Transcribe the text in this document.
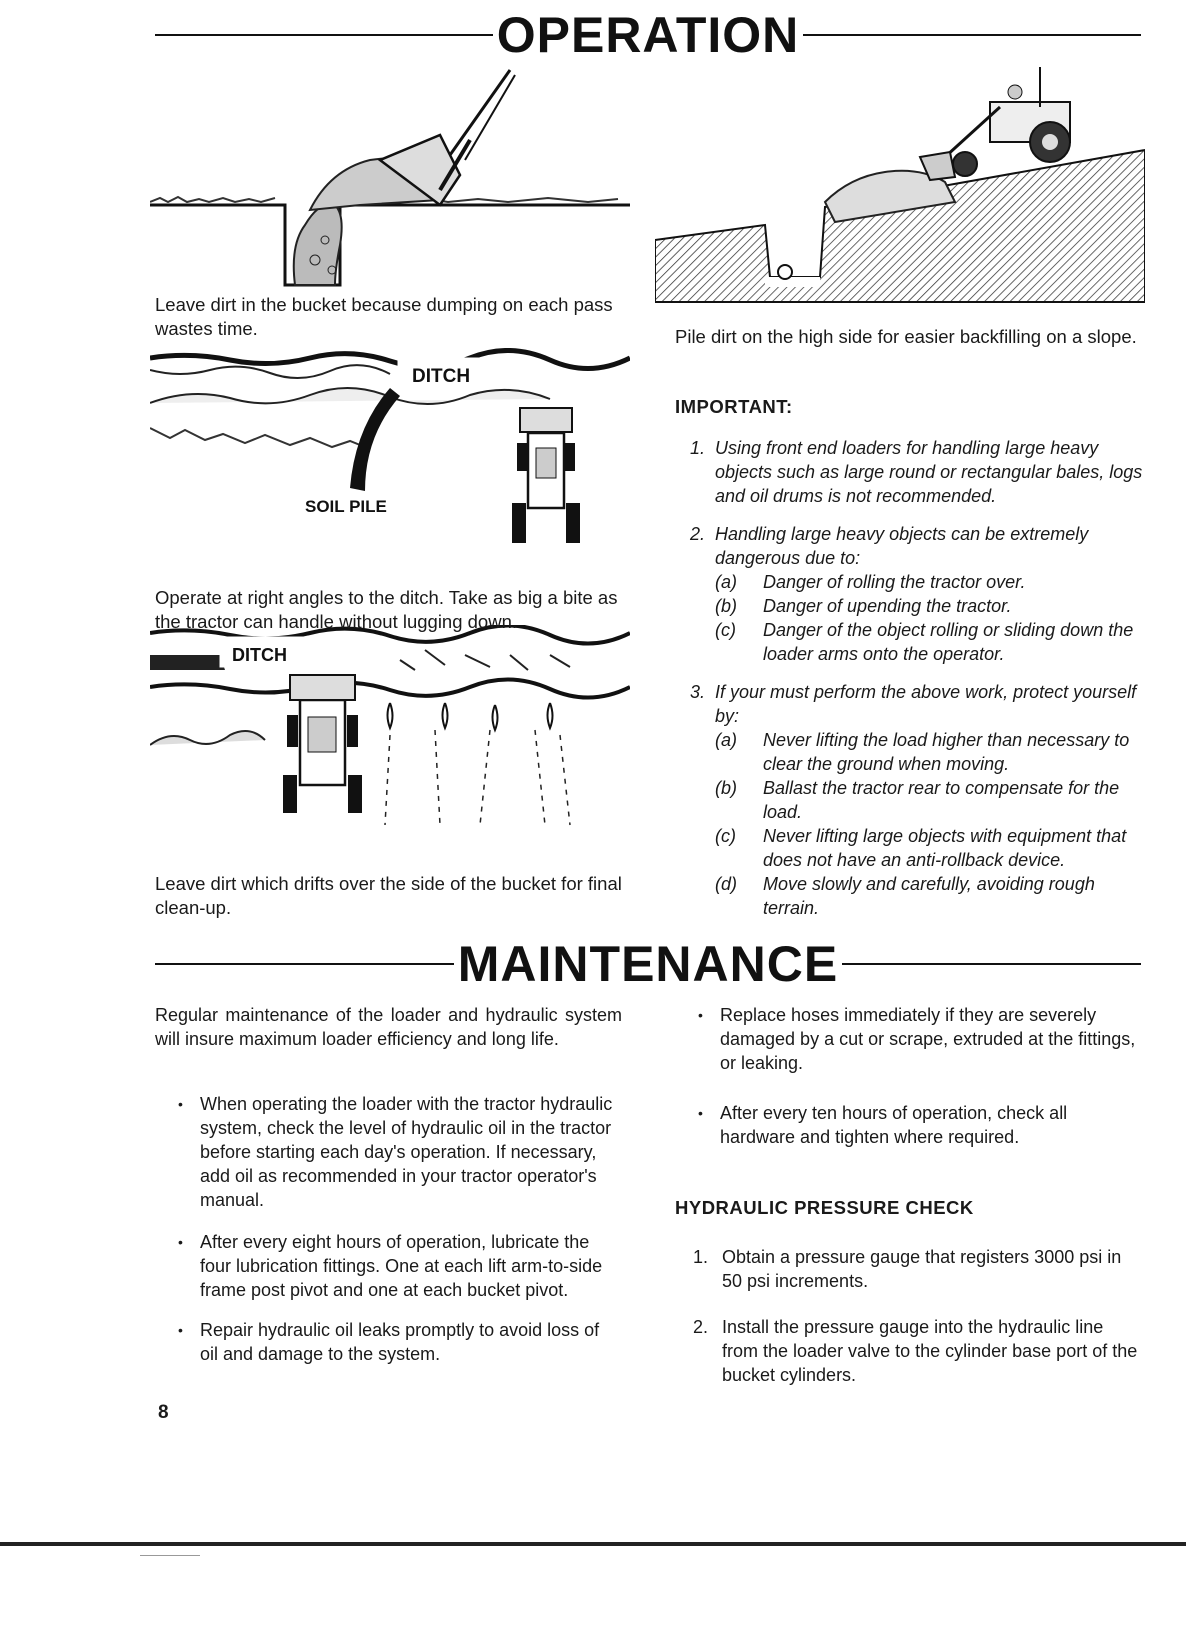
OPERATION
DITCH
SOIL PILE
DITCH
Leave dirt in the bucket because dumping on each pass wastes time.	Pile dirt on the high side for easier backfilling on a slope.
Operate at right angles to the ditch. Take as big a bite as the tractor can handle without lugging down.
Leave dirt which drifts over the side of the bucket for final clean-up.
IMPORTANT:
1. Using front end loaders for handling large heavy objects such as large round or rectangular bales, logs and oil drums is not recommended.
2. Handling large heavy objects can be extremely dangerous due to:
(a)	Danger of rolling the tractor over.
(b)	Danger of upending the tractor.
(c)	Danger of the object rolling or sliding down the loader arms onto the operator.
3. If your must perform the above work, protect yourself by:
(a)	Never lifting the load higher than necessary to clear the ground when moving.
(b)	Ballast the tractor rear to compensate for the load.
(c)	Never lifting large objects with equipment that does not have an anti-rollback device.
(d)	Move slowly and carefully, avoiding rough terrain.
MAINTENANCE
Regular maintenance of the loader and hydraulic system will insure maximum loader efficiency and long life.
• When operating the loader with the tractor hydraulic system, check the level of hydraulic oil in the tractor before starting each day's operation. If necessary, add oil as recommended in your tractor operator's manual.
• After every eight hours of operation, lubricate the four lubrication fittings. One at each lift arm-to-side frame post pivot and one at each bucket pivot.
• Repair hydraulic oil leaks promptly to avoid loss of oil and damage to the system.
• Replace hoses immediately if they are severely damaged by a cut or scrape, extruded at the fittings, or leaking.
• After every ten hours of operation, check all hardware and tighten where required.
HYDRAULIC PRESSURE CHECK
1. Obtain a pressure gauge that registers 3000 psi in 50 psi increments.
2. Install the pressure gauge into the hydraulic line from the loader valve to the cylinder base port of the bucket cylinders.
8
